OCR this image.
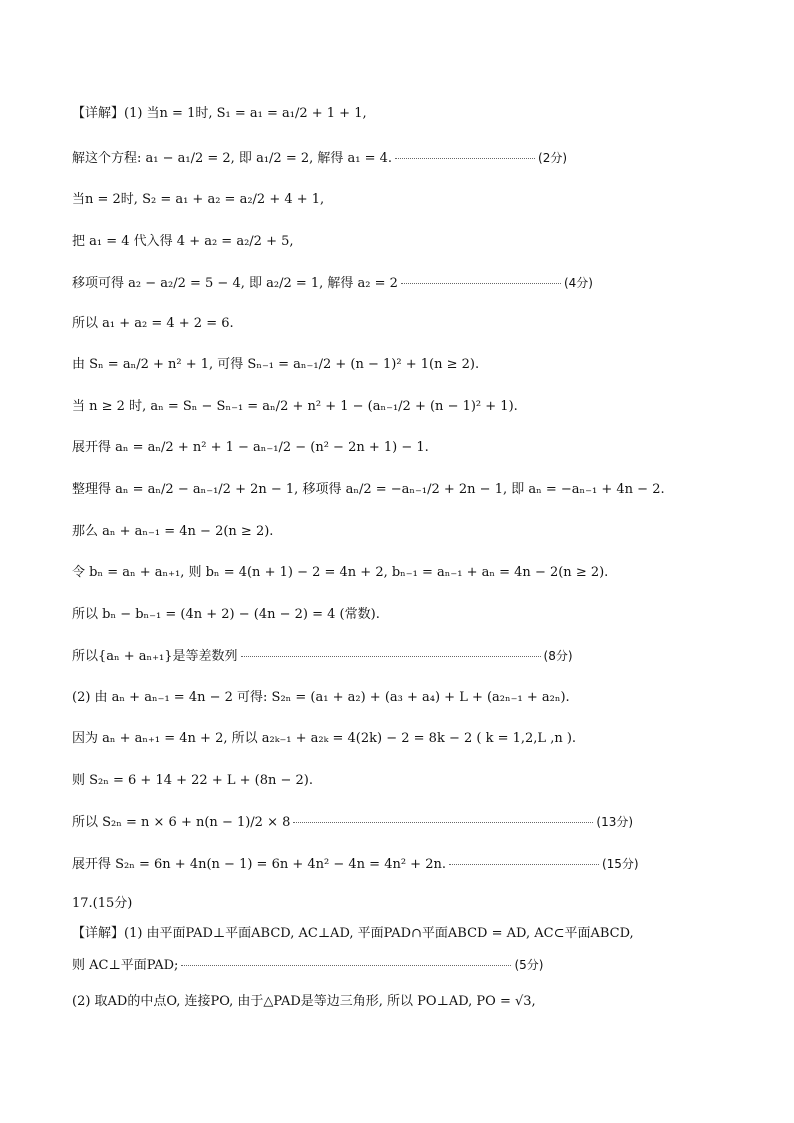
【详解】(1) 当n = 1时, S₁ = a₁ = a₁/2 + 1 + 1,
解这个方程: a₁ − a₁/2 = 2, 即 a₁/2 = 2, 解得 a₁ = 4.	(2分)
当n = 2时, S₂ = a₁ + a₂ = a₂/2 + 4 + 1,
把 a₁ = 4 代入得 4 + a₂ = a₂/2 + 5,
移项可得 a₂ − a₂/2 = 5 − 4, 即 a₂/2 = 1, 解得 a₂ = 2	(4分)
所以 a₁ + a₂ = 4 + 2 = 6.
由 Sₙ = aₙ/2 + n² + 1, 可得 Sₙ₋₁ = aₙ₋₁/2 + (n − 1)² + 1(n ≥ 2).
当 n ≥ 2 时, aₙ = Sₙ − Sₙ₋₁ = aₙ/2 + n² + 1 − (aₙ₋₁/2 + (n − 1)² + 1).
展开得 aₙ = aₙ/2 + n² + 1 − aₙ₋₁/2 − (n² − 2n + 1) − 1.
整理得 aₙ = aₙ/2 − aₙ₋₁/2 + 2n − 1, 移项得 aₙ/2 = −aₙ₋₁/2 + 2n − 1, 即 aₙ = −aₙ₋₁ + 4n − 2.
那么 aₙ + aₙ₋₁ = 4n − 2(n ≥ 2).
令 bₙ = aₙ + aₙ₊₁, 则 bₙ = 4(n + 1) − 2 = 4n + 2, bₙ₋₁ = aₙ₋₁ + aₙ = 4n − 2(n ≥ 2).
所以 bₙ − bₙ₋₁ = (4n + 2) − (4n − 2) = 4 (常数).
所以{aₙ + aₙ₊₁}是等差数列	(8分)
(2) 由 aₙ + aₙ₋₁ = 4n − 2 可得: S₂ₙ = (a₁ + a₂) + (a₃ + a₄) + L + (a₂ₙ₋₁ + a₂ₙ).
因为 aₙ + aₙ₊₁ = 4n + 2, 所以 a₂ₖ₋₁ + a₂ₖ = 4(2k) − 2 = 8k − 2 ( k = 1,2,L ,n ).
则 S₂ₙ = 6 + 14 + 22 + L + (8n − 2).
所以 S₂ₙ = n × 6 + n(n − 1)/2 × 8	(13分)
展开得 S₂ₙ = 6n + 4n(n − 1) = 6n + 4n² − 4n = 4n² + 2n.	(15分)
17.(15分)
【详解】(1) 由平面PAD⊥平面ABCD, AC⊥AD, 平面PAD∩平面ABCD = AD, AC⊂平面ABCD,
则 AC⊥平面PAD;	(5分)
(2) 取AD的中点O, 连接PO, 由于△PAD是等边三角形, 所以 PO⊥AD, PO = √3,
